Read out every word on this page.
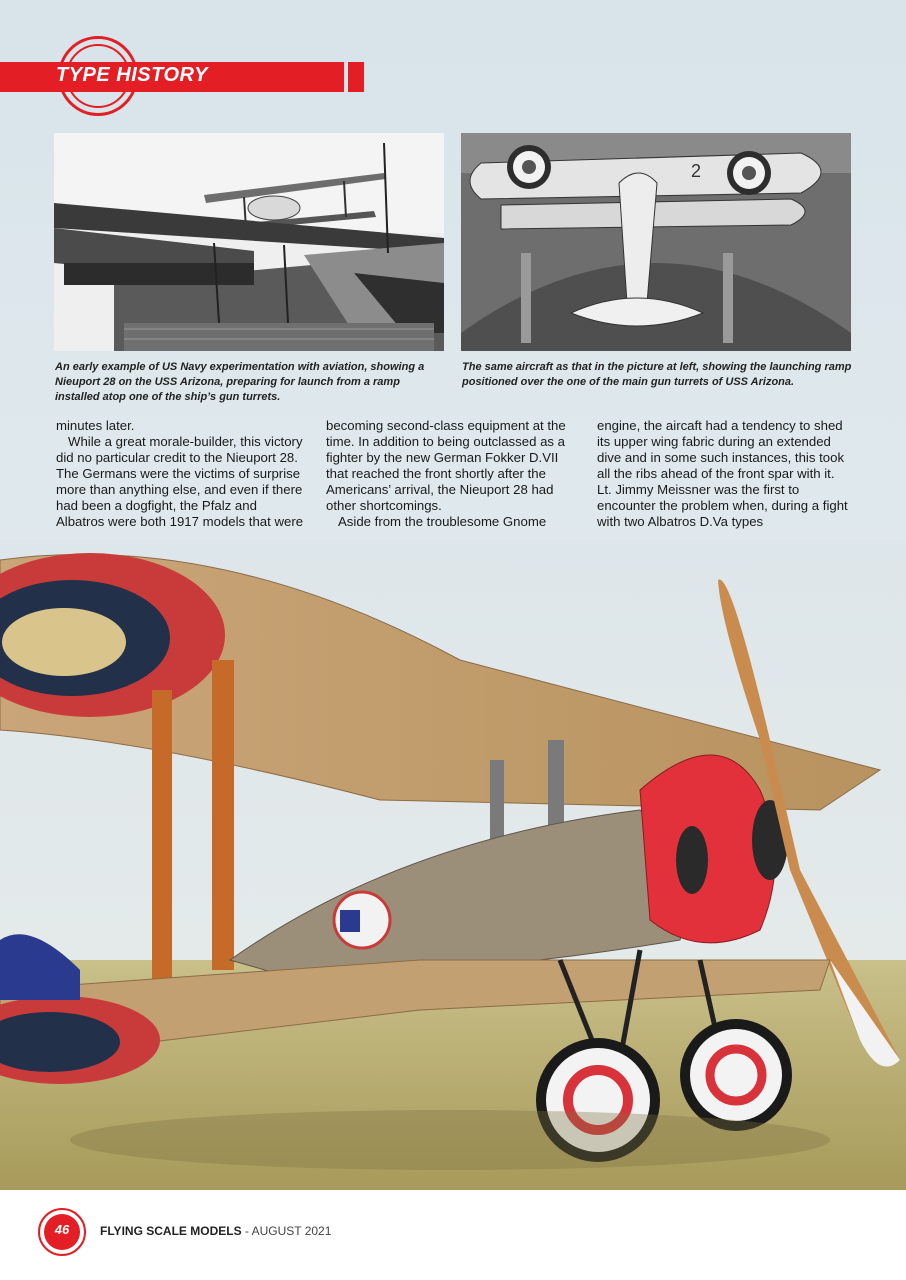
TYPE HISTORY
2
An early example of US Navy experimentation with aviation, showing a Nieuport 28 on the USS Arizona, preparing for launch from a ramp installed atop one of the ship’s gun turrets.
The same aircraft as that in the picture at left, showing the launching ramp positioned over the one of the main gun turrets of USS Arizona.

minutes later.

While a great morale-builder, this victory did no particular credit to the Nieuport 28. The Germans were the victims of surprise more than anything else, and even if there had been a dogfight, the Pfalz and Albatros were both 1917 models that were

becoming second-class equipment at the time. In addition to being outclassed as a fighter by the new German Fokker D.VII that reached the front shortly after the Americans’ arrival, the Nieuport 28 had other shortcomings.

Aside from the troublesome Gnome

engine, the aircaft had a tendency to shed its upper wing fabric during an extended dive and in some such instances, this took all the ribs ahead of the front spar with it. Lt. Jimmy Meissner was the first to encounter the problem when, during a fight with two Albatros D.Va types

46	FLYING SCALE MODELS - AUGUST 2021
